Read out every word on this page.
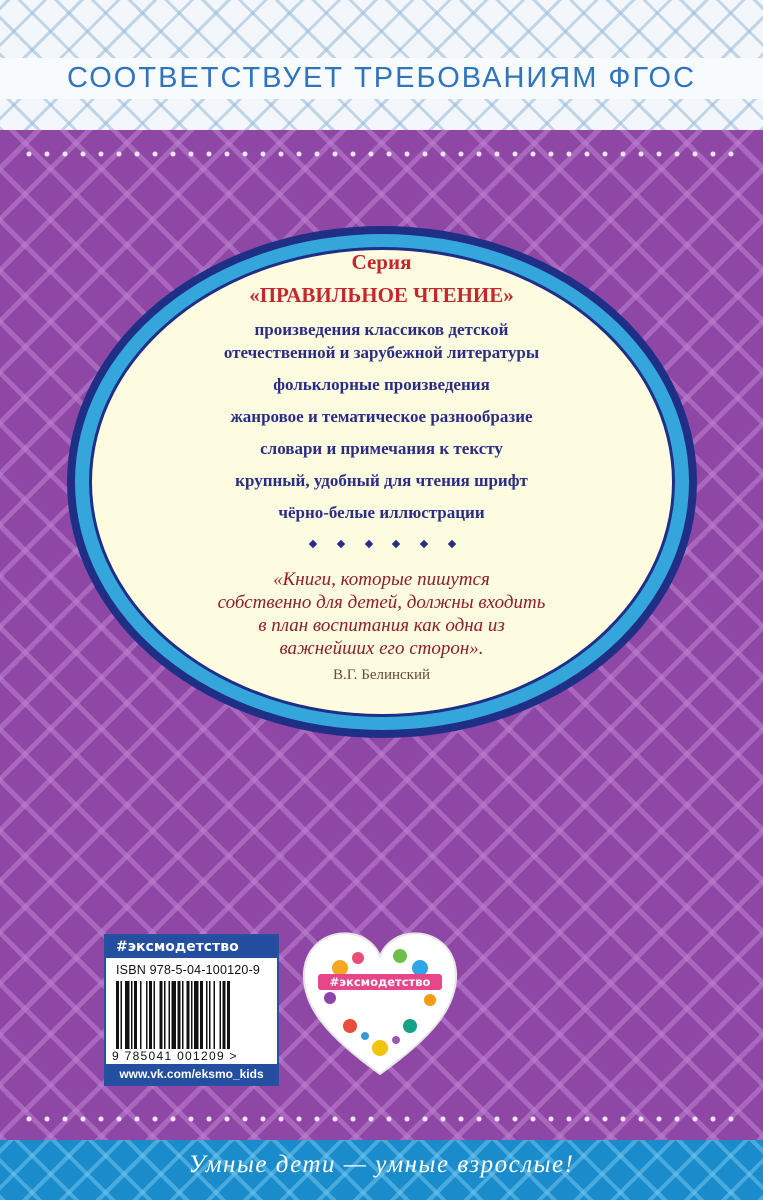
СООТВЕТСТВУЕТ ТРЕБОВАНИЯМ ФГОС
Серия
«ПРАВИЛЬНОЕ ЧТЕНИЕ»
произведения классиков детской
отечественной и зарубежной литературы
фольклорные произведения
жанровое и тематическое разнообразие
словари и примечания к тексту
крупный, удобный для чтения шрифт
чёрно-белые иллюстрации
«Книги, которые пишутся
собственно для детей, должны входить
в план воспитания как одна из
важнейших его сторон».
В.Г. Белинский
#эксмодетство
ISBN 978-5-04-100120-9
9 785041 001209 >
www.vk.com/eksmo_kids
#эксмодетство
Умные дети — умные взрослые!
